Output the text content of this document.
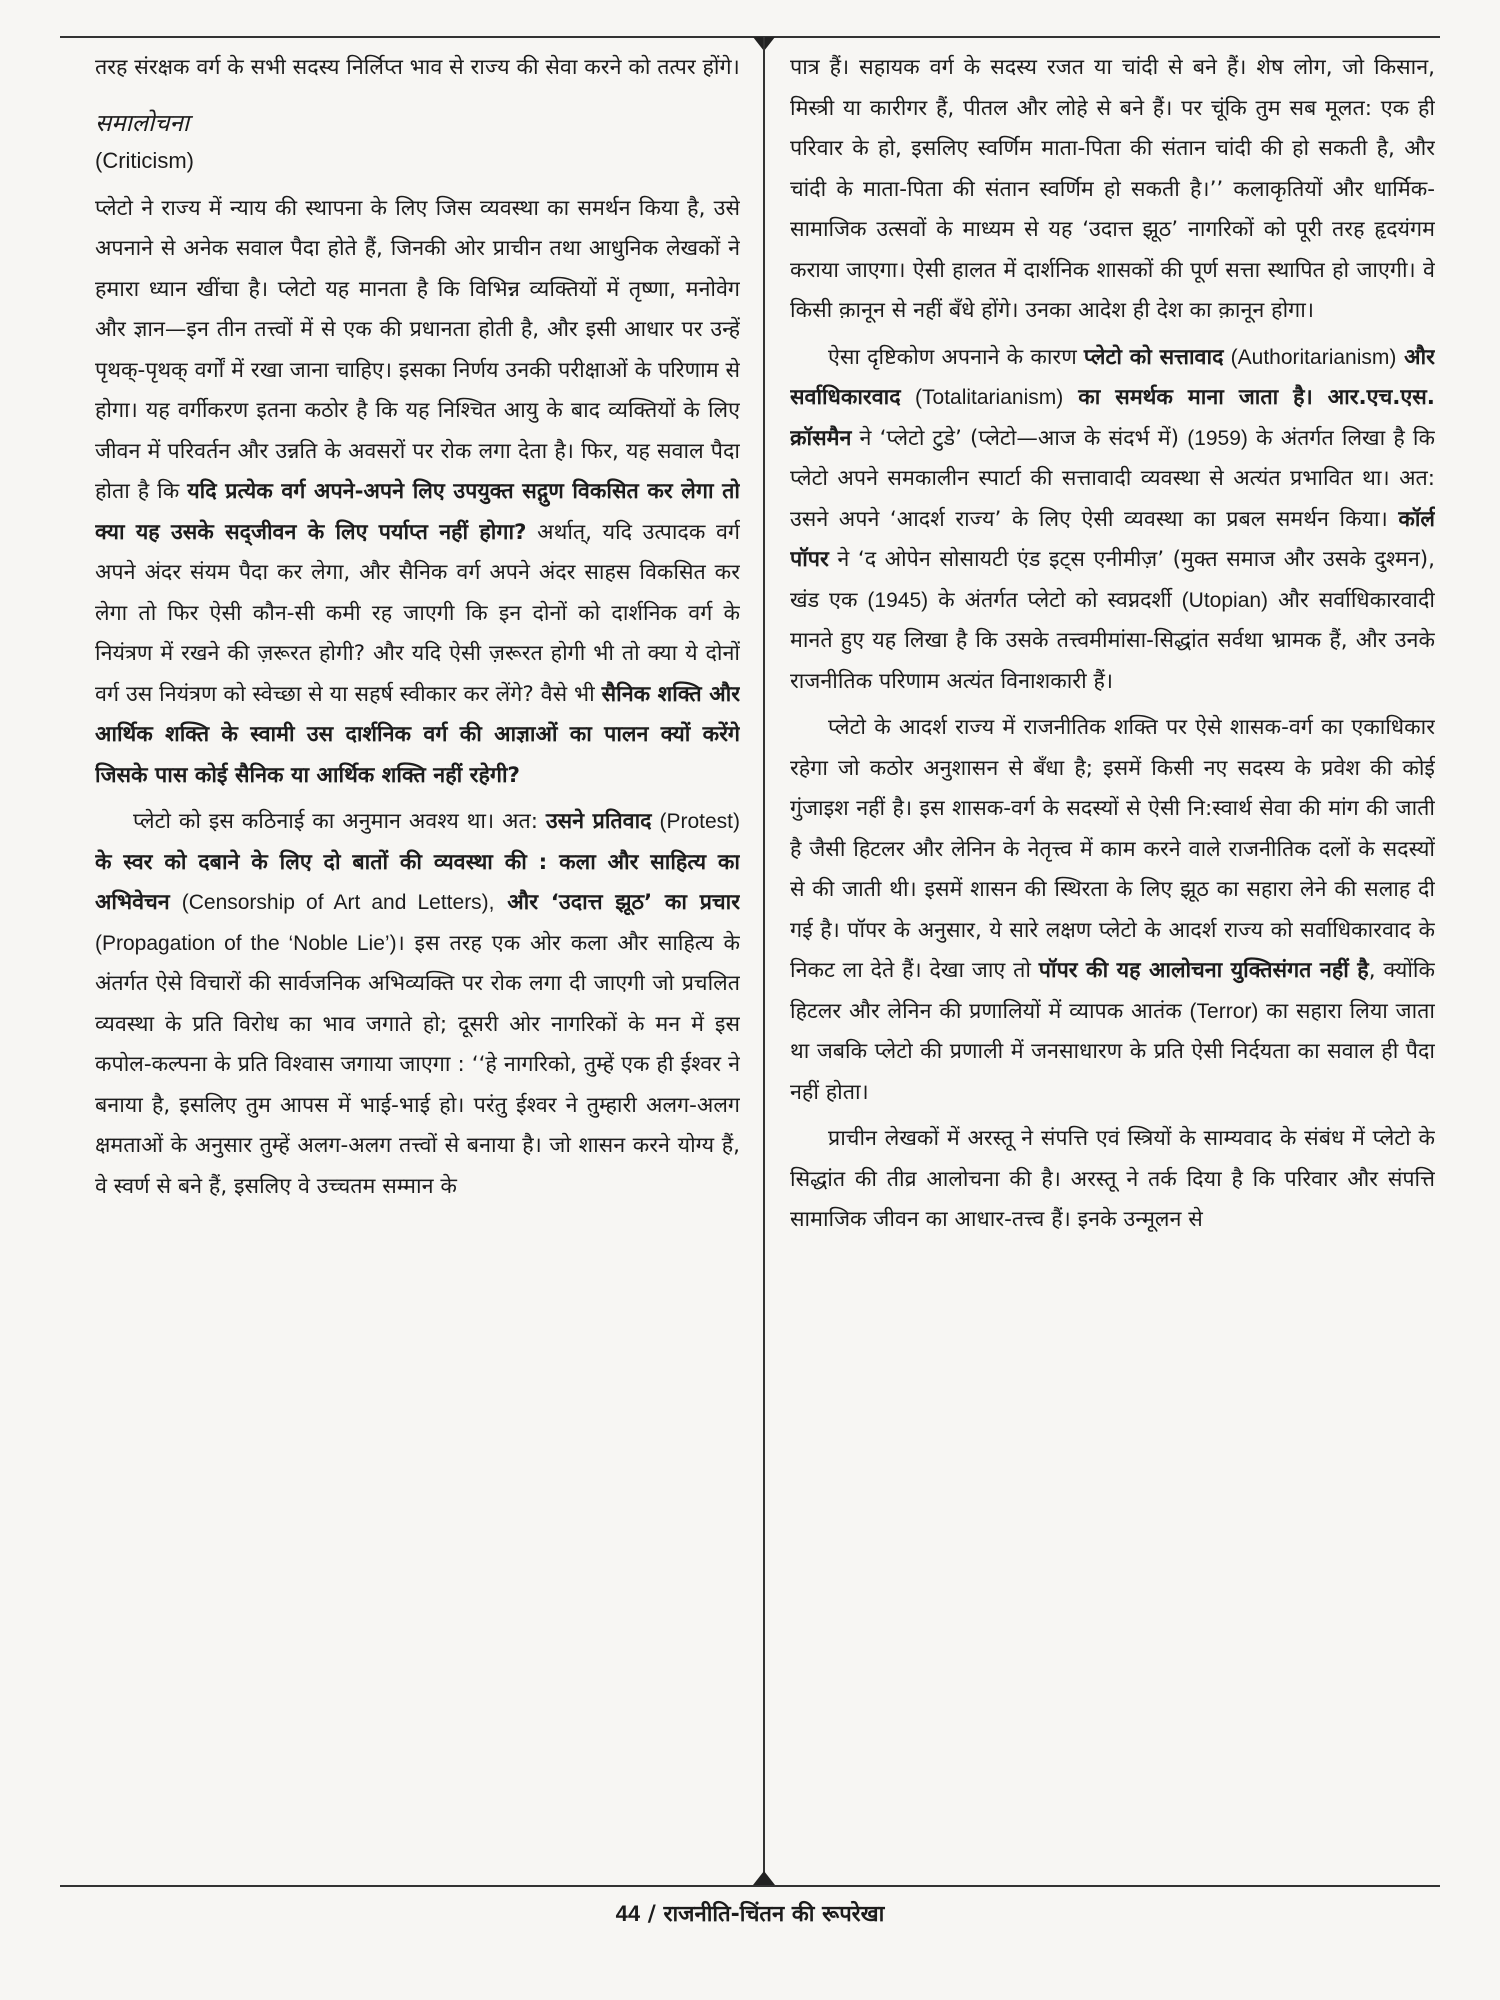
तरह संरक्षक वर्ग के सभी सदस्य निर्लिप्त भाव से राज्य की सेवा करने को तत्पर होंगे।

समालोचना

(Criticism)

प्लेटो ने राज्य में न्याय की स्थापना के लिए जिस व्यवस्था का समर्थन किया है, उसे अपनाने से अनेक सवाल पैदा होते हैं, जिनकी ओर प्राचीन तथा आधुनिक लेखकों ने हमारा ध्यान खींचा है। प्लेटो यह मानता है कि विभिन्न व्यक्तियों में तृष्णा, मनोवेग और ज्ञान—इन तीन तत्त्वों में से एक की प्रधानता होती है, और इसी आधार पर उन्हें पृथक्-पृथक् वर्गों में रखा जाना चाहिए। इसका निर्णय उनकी परीक्षाओं के परिणाम से होगा। यह वर्गीकरण इतना कठोर है कि यह निश्चित आयु के बाद व्यक्तियों के लिए जीवन में परिवर्तन और उन्नति के अवसरों पर रोक लगा देता है। फिर, यह सवाल पैदा होता है कि यदि प्रत्येक वर्ग अपने-अपने लिए उपयुक्त सद्गुण विकसित कर लेगा तो क्या यह उसके सद्जीवन के लिए पर्याप्त नहीं होगा? अर्थात्, यदि उत्पादक वर्ग अपने अंदर संयम पैदा कर लेगा, और सैनिक वर्ग अपने अंदर साहस विकसित कर लेगा तो फिर ऐसी कौन-सी कमी रह जाएगी कि इन दोनों को दार्शनिक वर्ग के नियंत्रण में रखने की ज़रूरत होगी? और यदि ऐसी ज़रूरत होगी भी तो क्या ये दोनों वर्ग उस नियंत्रण को स्वेच्छा से या सहर्ष स्वीकार कर लेंगे? वैसे भी सैनिक शक्ति और आर्थिक शक्ति के स्वामी उस दार्शनिक वर्ग की आज्ञाओं का पालन क्यों करेंगे जिसके पास कोई सैनिक या आर्थिक शक्ति नहीं रहेगी?

प्लेटो को इस कठिनाई का अनुमान अवश्य था। अत: उसने प्रतिवाद (Protest) के स्वर को दबाने के लिए दो बातों की व्यवस्था की : कला और साहित्य का अभिवेचन (Censorship of Art and Letters), और ‘उदात्त झूठ’ का प्रचार (Propagation of the ‘Noble Lie’)। इस तरह एक ओर कला और साहित्य के अंतर्गत ऐसे विचारों की सार्वजनिक अभिव्यक्ति पर रोक लगा दी जाएगी जो प्रचलित व्यवस्था के प्रति विरोध का भाव जगाते हो; दूसरी ओर नागरिकों के मन में इस कपोल-कल्पना के प्रति विश्वास जगाया जाएगा : ‘‘हे नागरिको, तुम्हें एक ही ईश्वर ने बनाया है, इसलिए तुम आपस में भाई-भाई हो। परंतु ईश्वर ने तुम्हारी अलग-अलग क्षमताओं के अनुसार तुम्हें अलग-अलग तत्त्वों से बनाया है। जो शासन करने योग्य हैं, वे स्वर्ण से बने हैं, इसलिए वे उच्चतम सम्मान के

पात्र हैं। सहायक वर्ग के सदस्य रजत या चांदी से बने हैं। शेष लोग, जो किसान, मिस्त्री या कारीगर हैं, पीतल और लोहे से बने हैं। पर चूंकि तुम सब मूलत: एक ही परिवार के हो, इसलिए स्वर्णिम माता-पिता की संतान चांदी की हो सकती है, और चांदी के माता-पिता की संतान स्वर्णिम हो सकती है।’’ कलाकृतियों और धार्मिक-सामाजिक उत्सवों के माध्यम से यह ‘उदात्त झूठ’ नागरिकों को पूरी तरह हृदयंगम कराया जाएगा। ऐसी हालत में दार्शनिक शासकों की पूर्ण सत्ता स्थापित हो जाएगी। वे किसी क़ानून से नहीं बँधे होंगे। उनका आदेश ही देश का क़ानून होगा।

ऐसा दृष्टिकोण अपनाने के कारण प्लेटो को सत्तावाद (Authoritarianism) और सर्वाधिकारवाद (Totalitarianism) का समर्थक माना जाता है। आर.एच.एस. क्रॉसमैन ने ‘प्लेटो टुडे’ (प्लेटो—आज के संदर्भ में) (1959) के अंतर्गत लिखा है कि प्लेटो अपने समकालीन स्पार्टा की सत्तावादी व्यवस्था से अत्यंत प्रभावित था। अत: उसने अपने ‘आदर्श राज्य’ के लिए ऐसी व्यवस्था का प्रबल समर्थन किया। कॉर्ल पॉपर ने ‘द ओपेन सोसायटी एंड इट्स एनीमीज़’ (मुक्त समाज और उसके दुश्मन), खंड एक (1945) के अंतर्गत प्लेटो को स्वप्नदर्शी (Utopian) और सर्वाधिकारवादी मानते हुए यह लिखा है कि उसके तत्त्वमीमांसा-सिद्धांत सर्वथा भ्रामक हैं, और उनके राजनीतिक परिणाम अत्यंत विनाशकारी हैं।

प्लेटो के आदर्श राज्य में राजनीतिक शक्ति पर ऐसे शासक-वर्ग का एकाधिकार रहेगा जो कठोर अनुशासन से बँधा है; इसमें किसी नए सदस्य के प्रवेश की कोई गुंजाइश नहीं है। इस शासक-वर्ग के सदस्यों से ऐसी नि:स्वार्थ सेवा की मांग की जाती है जैसी हिटलर और लेनिन के नेतृत्त्व में काम करने वाले राजनीतिक दलों के सदस्यों से की जाती थी। इसमें शासन की स्थिरता के लिए झूठ का सहारा लेने की सलाह दी गई है। पॉपर के अनुसार, ये सारे लक्षण प्लेटो के आदर्श राज्य को सर्वाधिकारवाद के निकट ला देते हैं। देखा जाए तो पॉपर की यह आलोचना युक्तिसंगत नहीं है, क्योंकि हिटलर और लेनिन की प्रणालियों में व्यापक आतंक (Terror) का सहारा लिया जाता था जबकि प्लेटो की प्रणाली में जनसाधारण के प्रति ऐसी निर्दयता का सवाल ही पैदा नहीं होता।

प्राचीन लेखकों में अरस्तू ने संपत्ति एवं स्त्रियों के साम्यवाद के संबंध में प्लेटो के सिद्धांत की तीव्र आलोचना की है। अरस्तू ने तर्क दिया है कि परिवार और संपत्ति सामाजिक जीवन का आधार-तत्त्व हैं। इनके उन्मूलन से

44 / राजनीति-चिंतन की रूपरेखा
